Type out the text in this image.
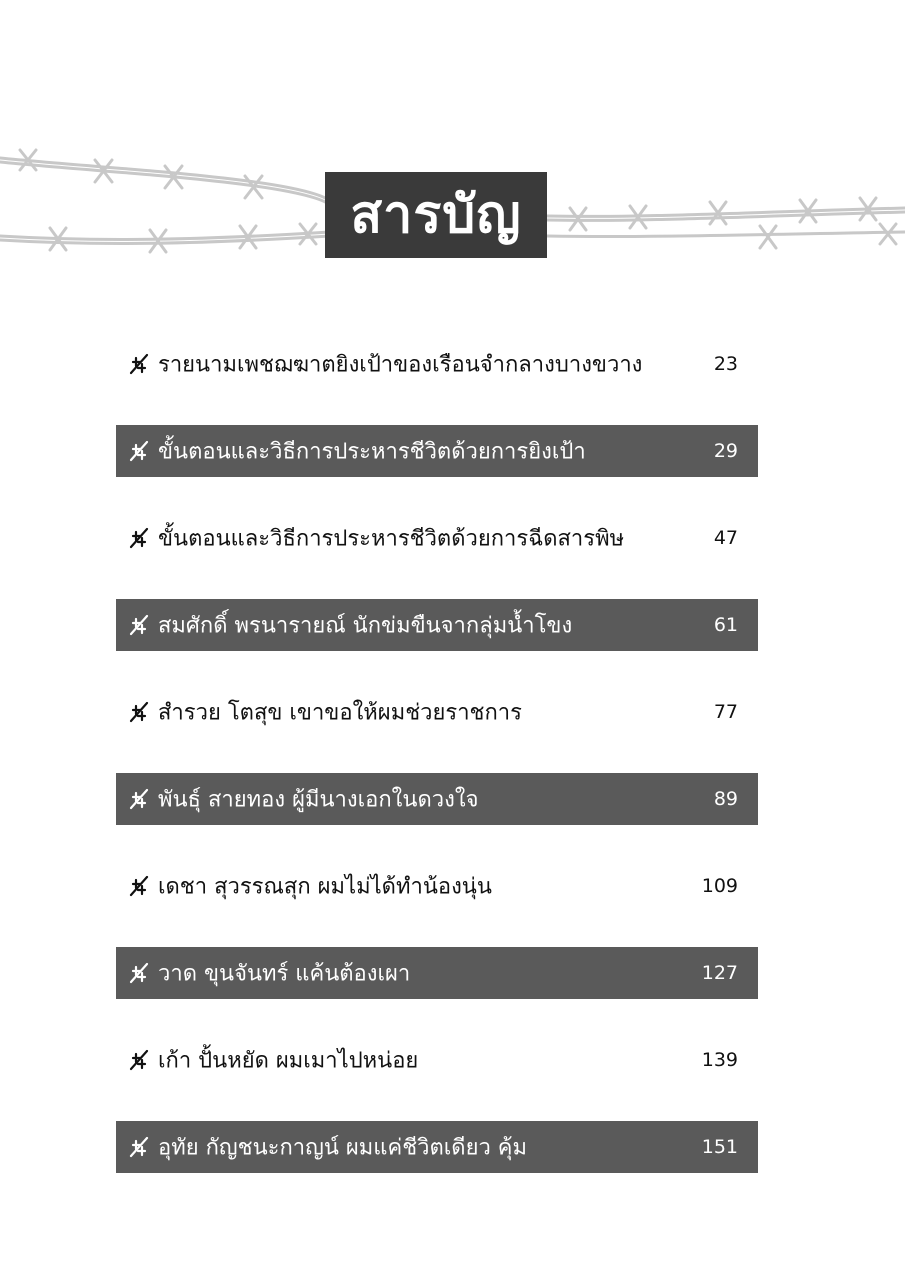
สารบัญ
รายนามเพชฌฆาตยิงเป้าของเรือนจำกลางบางขวาง	23
ขั้นตอนและวิธีการประหารชีวิตด้วยการยิงเป้า	29
ขั้นตอนและวิธีการประหารชีวิตด้วยการฉีดสารพิษ	47
สมศักดิ์ พรนารายณ์ นักข่มขืนจากลุ่มน้ำโขง	61
สำรวย โตสุข เขาขอให้ผมช่วยราชการ	77
พันธุ์ สายทอง ผู้มีนางเอกในดวงใจ	89
เดชา สุวรรณสุก ผมไม่ได้ทำน้องนุ่น	109
วาด ขุนจันทร์ แค้นต้องเผา	127
เก้า ปั้นหยัด ผมเมาไปหน่อย	139
อุทัย กัญชนะกาญน์ ผมแค่ชีวิตเดียว คุ้ม	151
